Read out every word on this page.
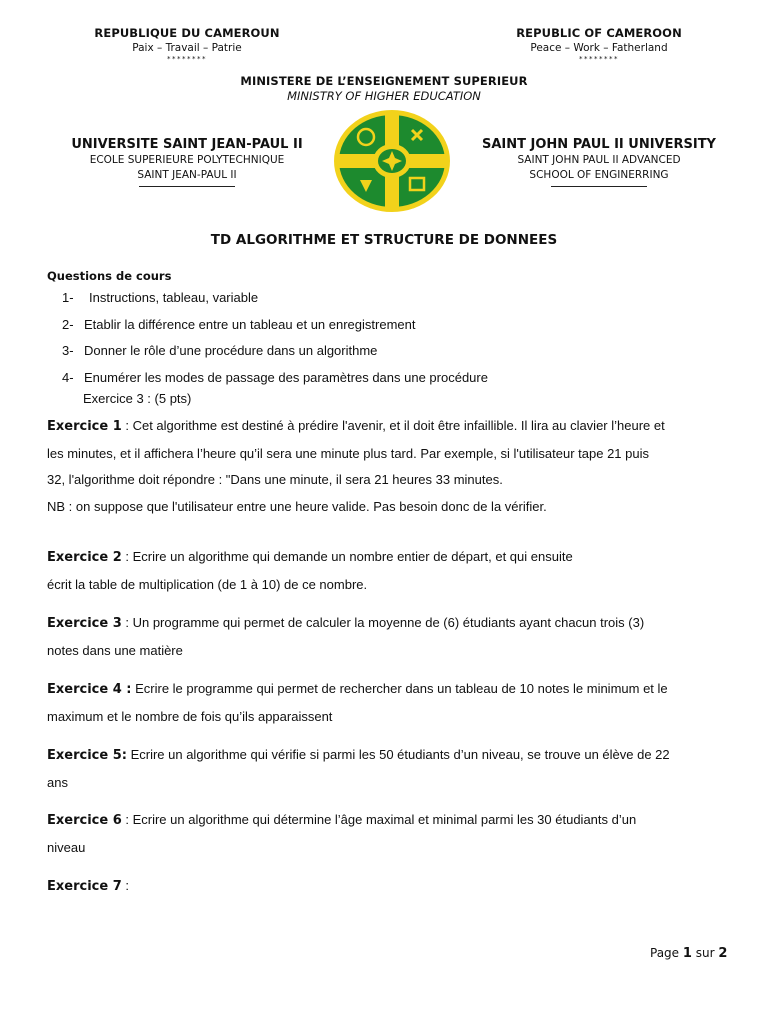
REPUBLIQUE DU CAMEROUN
Paix – Travail – Patrie
********
REPUBLIC OF CAMEROON
Peace – Work – Fatherland
********
MINISTERE DE L’ENSEIGNEMENT SUPERIEUR
MINISTRY OF HIGHER EDUCATION
UNIVERSITE SAINT JEAN-PAUL II
ECOLE SUPERIEURE POLYTECHNIQUE
SAINT JEAN-PAUL II
SAINT JOHN PAUL II UNIVERSITY
SAINT JOHN PAUL II ADVANCED
SCHOOL OF ENGINERRING
TD ALGORITHME ET STRUCTURE DE DONNEES
Questions de cours
1-	Instructions, tableau, variable
2- Etablir la différence entre un tableau et un enregistrement
3- Donner le rôle d’une procédure dans un algorithme
4- Enumérer les modes de passage des paramètres dans une procédure
Exercice 3 : (5 pts)
Exercice 1 : Cet algorithme est destiné à prédire l'avenir, et il doit être infaillible. Il lira au clavier l’heure et
les minutes, et il affichera l’heure qu’il sera une minute plus tard. Par exemple, si l'utilisateur tape 21 puis
32, l'algorithme doit répondre : "Dans une minute, il sera 21 heures 33 minutes.
NB : on suppose que l'utilisateur entre une heure valide. Pas besoin donc de la vérifier.
Exercice 2 : Ecrire un algorithme qui demande un nombre entier de départ, et qui ensuite
écrit la table de multiplication (de 1 à 10) de ce nombre.
Exercice 3 : Un programme qui permet de calculer la moyenne de (6) étudiants ayant chacun trois (3)
notes dans une matière
Exercice 4 : Ecrire le programme qui permet de rechercher dans un tableau de 10 notes le minimum et le
maximum et le nombre de fois qu’ils apparaissent
Exercice 5: Ecrire un algorithme qui vérifie si parmi les 50 étudiants d’un niveau, se trouve un élève de 22
ans
Exercice 6 : Ecrire un algorithme qui détermine l’âge maximal et minimal parmi les 30 étudiants d’un
niveau
Exercice 7 :
Page 1 sur 2
